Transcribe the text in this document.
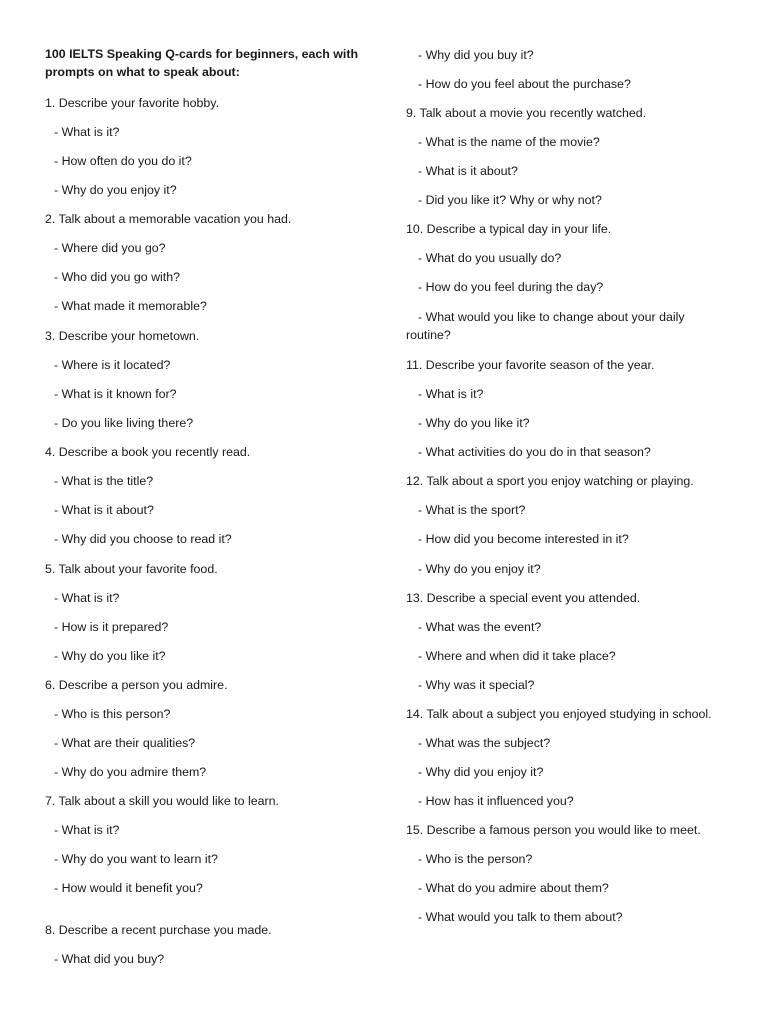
100 IELTS Speaking Q-cards for beginners, each with prompts on what to speak about:
1. Describe your favorite hobby.
- What is it?
- How often do you do it?
- Why do you enjoy it?
2. Talk about a memorable vacation you had.
- Where did you go?
- Who did you go with?
- What made it memorable?
3. Describe your hometown.
- Where is it located?
- What is it known for?
- Do you like living there?
4. Describe a book you recently read.
- What is the title?
- What is it about?
- Why did you choose to read it?
5. Talk about your favorite food.
- What is it?
- How is it prepared?
- Why do you like it?
6. Describe a person you admire.
- Who is this person?
- What are their qualities?
- Why do you admire them?
7. Talk about a skill you would like to learn.
- What is it?
- Why do you want to learn it?
- How would it benefit you?
8. Describe a recent purchase you made.
- What did you buy?
- Why did you buy it?
- How do you feel about the purchase?
9. Talk about a movie you recently watched.
- What is the name of the movie?
- What is it about?
- Did you like it? Why or why not?
10. Describe a typical day in your life.
- What do you usually do?
- How do you feel during the day?
- What would you like to change about your daily routine?
11. Describe your favorite season of the year.
- What is it?
- Why do you like it?
- What activities do you do in that season?
12. Talk about a sport you enjoy watching or playing.
- What is the sport?
- How did you become interested in it?
- Why do you enjoy it?
13. Describe a special event you attended.
- What was the event?
- Where and when did it take place?
- Why was it special?
14. Talk about a subject you enjoyed studying in school.
- What was the subject?
- Why did you enjoy it?
- How has it influenced you?
15. Describe a famous person you would like to meet.
- Who is the person?
- What do you admire about them?
- What would you talk to them about?
